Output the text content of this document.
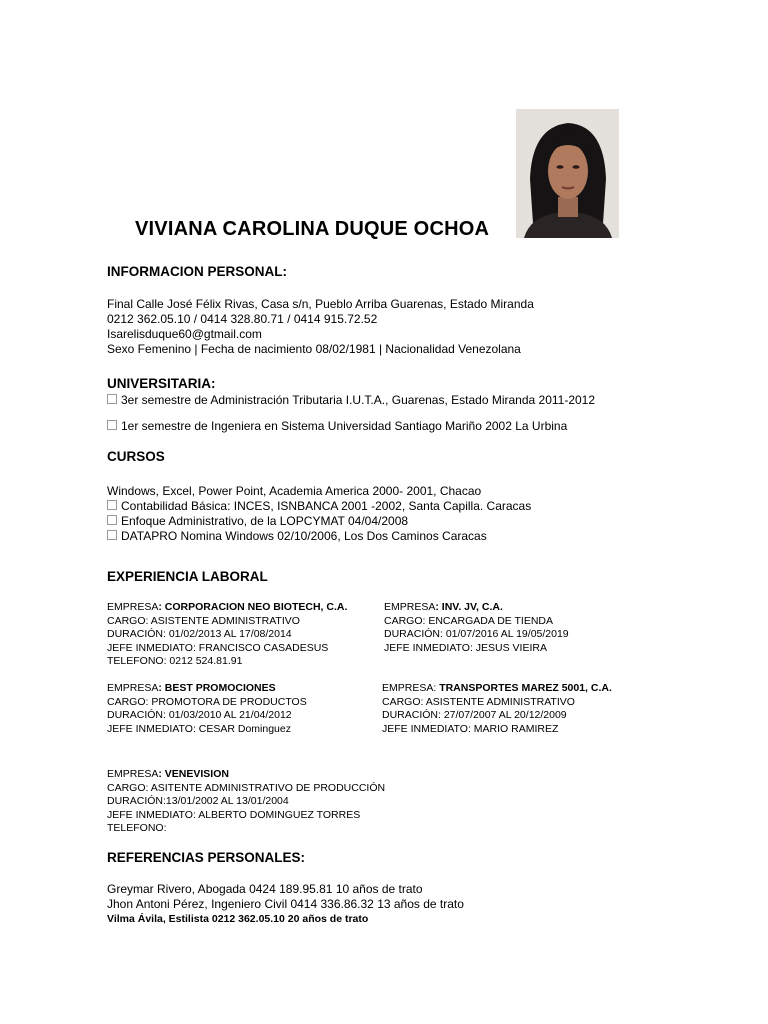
VIVIANA CAROLINA DUQUE OCHOA
INFORMACION PERSONAL:
Final Calle José Félix Rivas, Casa s/n, Pueblo Arriba Guarenas, Estado Miranda
0212 362.05.10 / 0414 328.80.71 / 0414 915.72.52
Isarelisduque60@gtmail.com
Sexo Femenino | Fecha de nacimiento 08/02/1981 | Nacionalidad Venezolana
UNIVERSITARIA:
3er semestre de Administración Tributaria I.U.T.A., Guarenas, Estado Miranda 2011-2012
1er semestre de Ingeniera en Sistema Universidad Santiago Mariño 2002 La Urbina
CURSOS
Windows, Excel, Power Point, Academia America 2000- 2001, Chacao
Contabilidad Básica: INCES, ISNBANCA 2001 -2002, Santa Capilla. Caracas
Enfoque Administrativo, de la LOPCYMAT 04/04/2008
DATAPRO Nomina Windows 02/10/2006, Los Dos Caminos Caracas
EXPERIENCIA LABORAL
EMPRESA: CORPORACION NEO BIOTECH, C.A.
CARGO: ASISTENTE ADMINISTRATIVO
DURACIÓN: 01/02/2013 AL 17/08/2014
JEFE INMEDIATO: FRANCISCO CASADESUS
TELEFONO: 0212 524.81.91
EMPRESA: INV. JV, C.A.
CARGO: ENCARGADA DE TIENDA
DURACIÓN: 01/07/2016 AL 19/05/2019
JEFE INMEDIATO: JESUS VIEIRA
EMPRESA: BEST PROMOCIONES
CARGO: PROMOTORA DE PRODUCTOS
DURACIÓN: 01/03/2010 AL 21/04/2012
JEFE INMEDIATO: CESAR Dominguez
EMPRESA: TRANSPORTES MAREZ 5001, C.A.
CARGO: ASISTENTE ADMINISTRATIVO
DURACIÓN: 27/07/2007 AL 20/12/2009
JEFE INMEDIATO: MARIO RAMIREZ
EMPRESA: VENEVISION
CARGO: ASITENTE ADMINISTRATIVO DE PRODUCCIÓN
DURACIÓN:13/01/2002 AL 13/01/2004
JEFE INMEDIATO: ALBERTO DOMINGUEZ TORRES
TELEFONO:
REFERENCIAS PERSONALES:
Greymar Rivero, Abogada 0424 189.95.81 10 años de trato
Jhon Antoni Pérez, Ingeniero Civil 0414 336.86.32 13 años de trato
Vilma Ávila, Estilista 0212 362.05.10 20 años de trato
